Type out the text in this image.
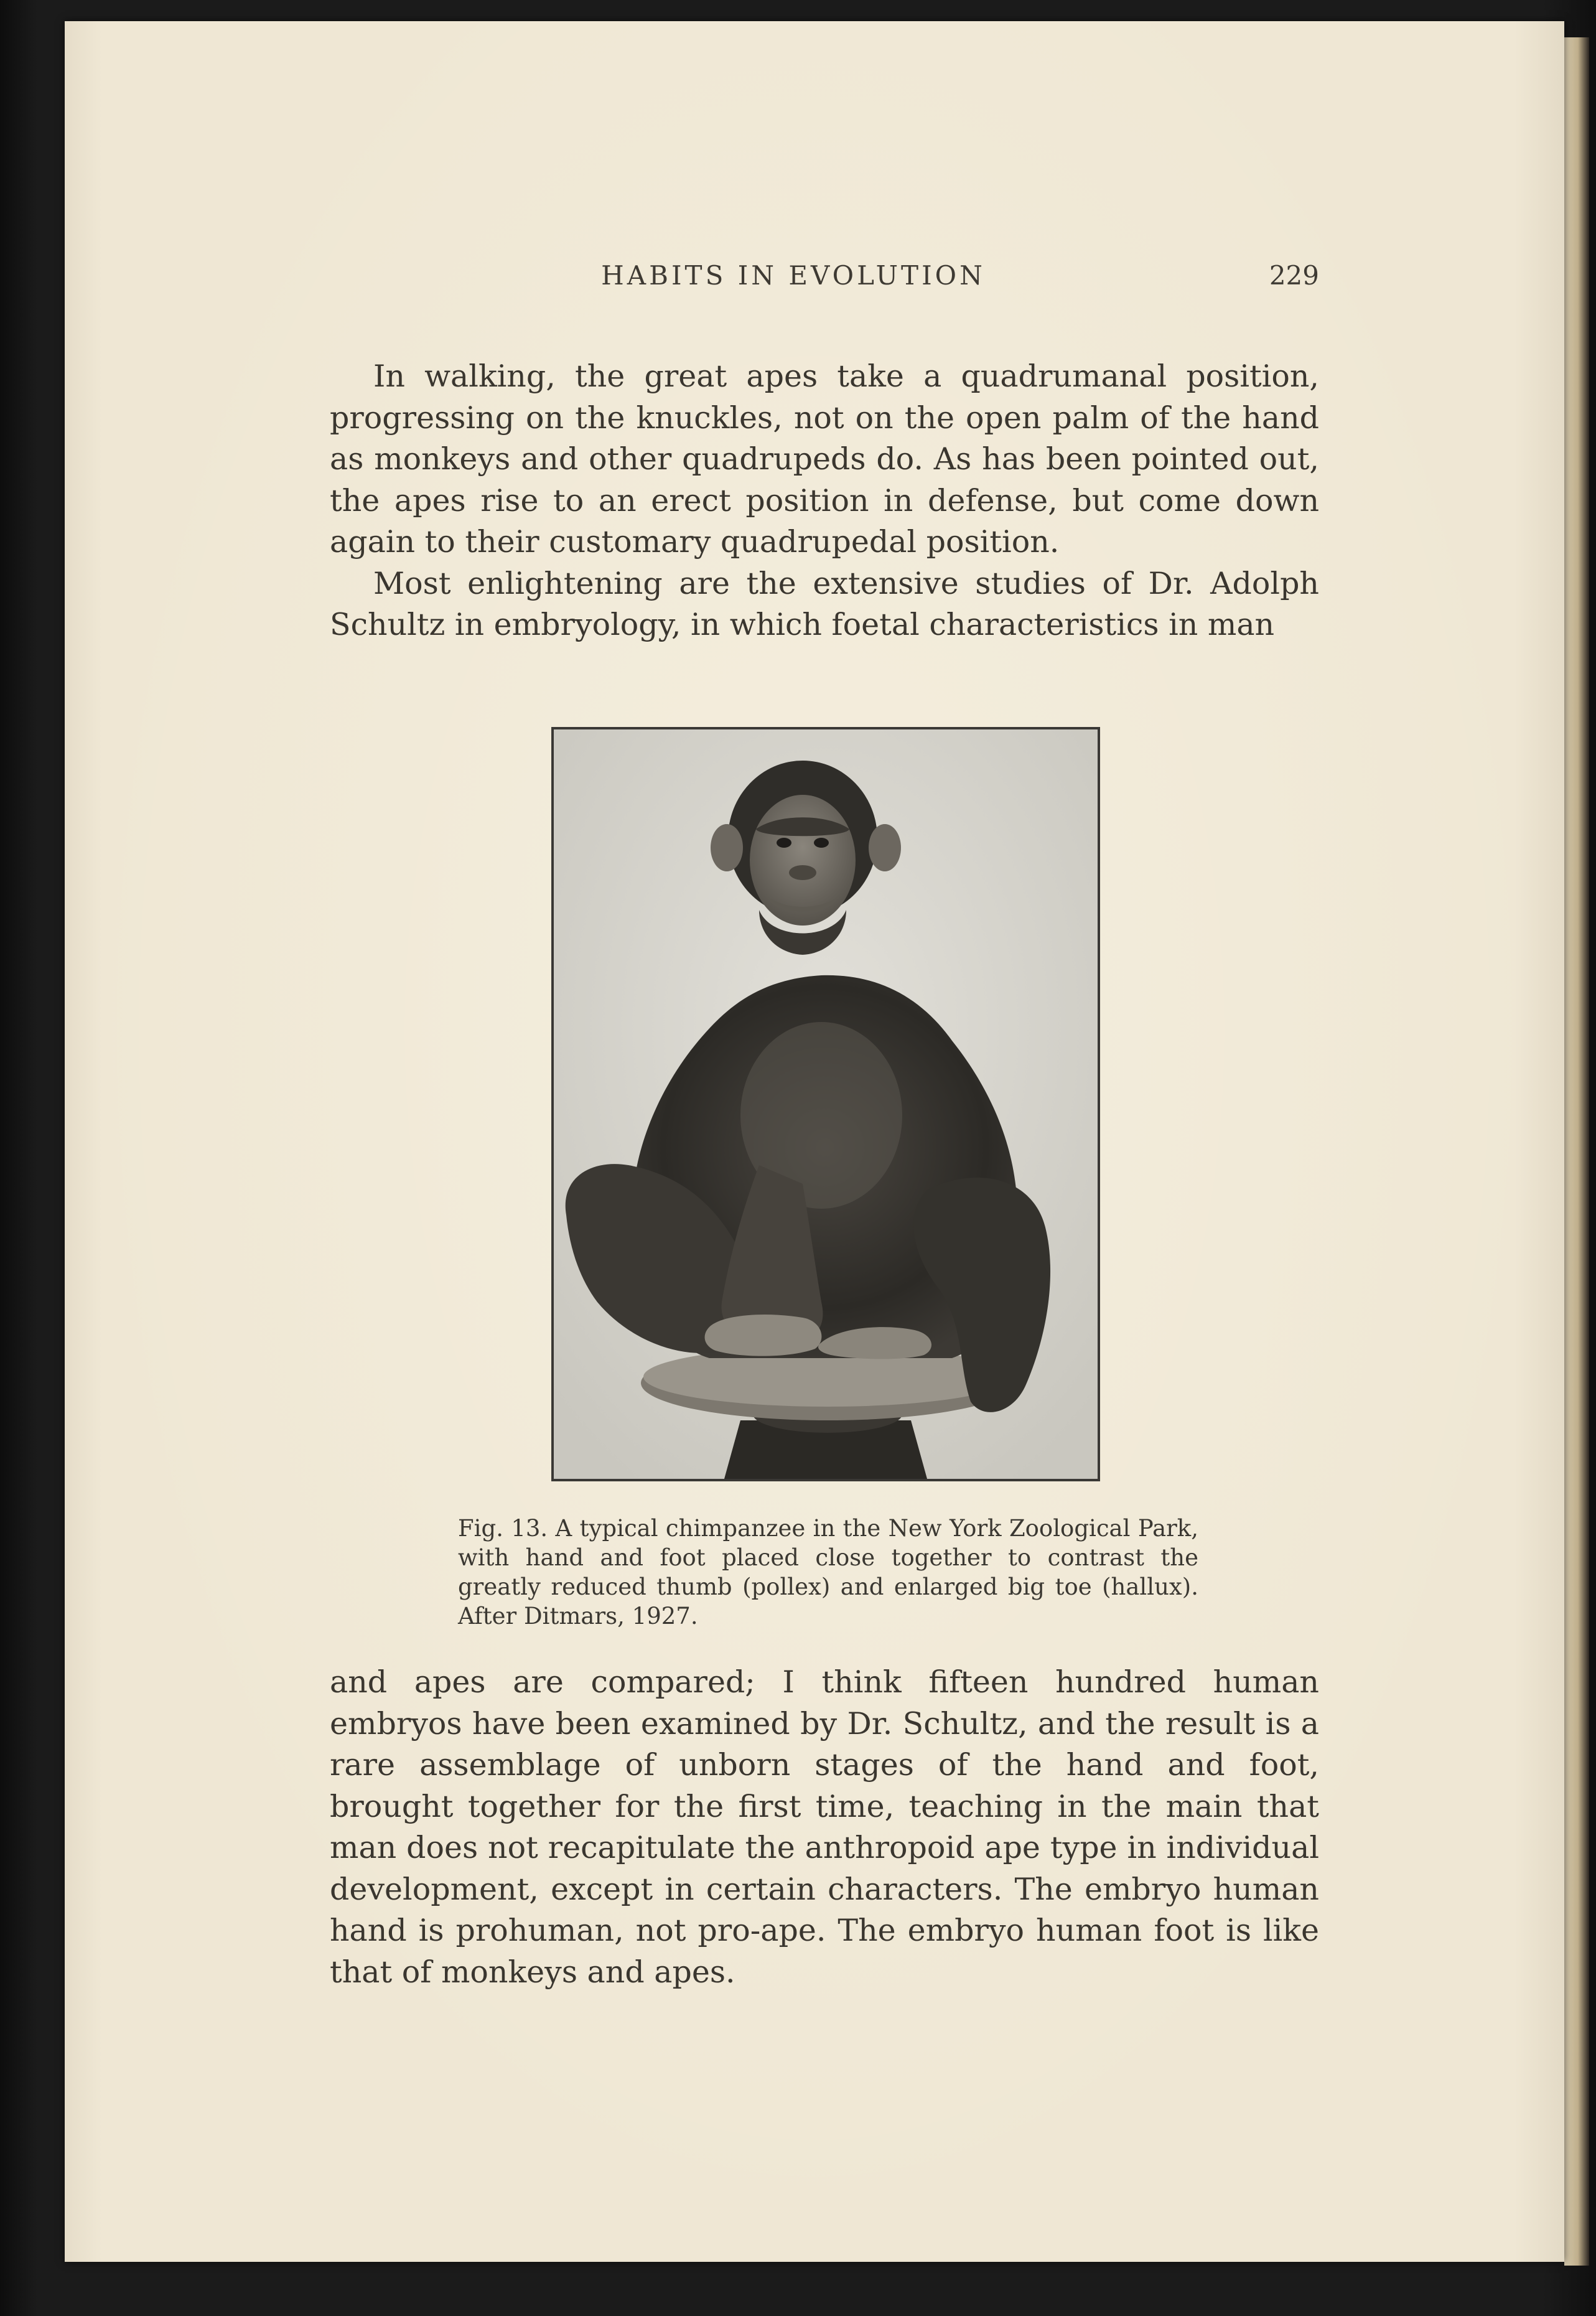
HABITS IN EVOLUTION	229

In walking, the great apes take a quadrumanal position, progressing on the knuckles, not on the open palm of the hand as monkeys and other quadrupeds do. As has been pointed out, the apes rise to an erect position in defense, but come down again to their customary quadrupedal position.

Most enlightening are the extensive studies of Dr. Adolph Schultz in embryology, in which foetal characteristics in man

Fig. 13. A typical chimpanzee in the New York Zoological Park, with hand and foot placed close together to contrast the greatly reduced thumb (pollex) and enlarged big toe (hallux). After Ditmars, 1927.

and apes are compared; I think fifteen hundred human embryos have been examined by Dr. Schultz, and the result is a rare assemblage of unborn stages of the hand and foot, brought together for the first time, teaching in the main that man does not recapitulate the anthropoid ape type in individual development, except in certain characters. The embryo human hand is prohuman, not pro-ape. The embryo human foot is like that of monkeys and apes.
